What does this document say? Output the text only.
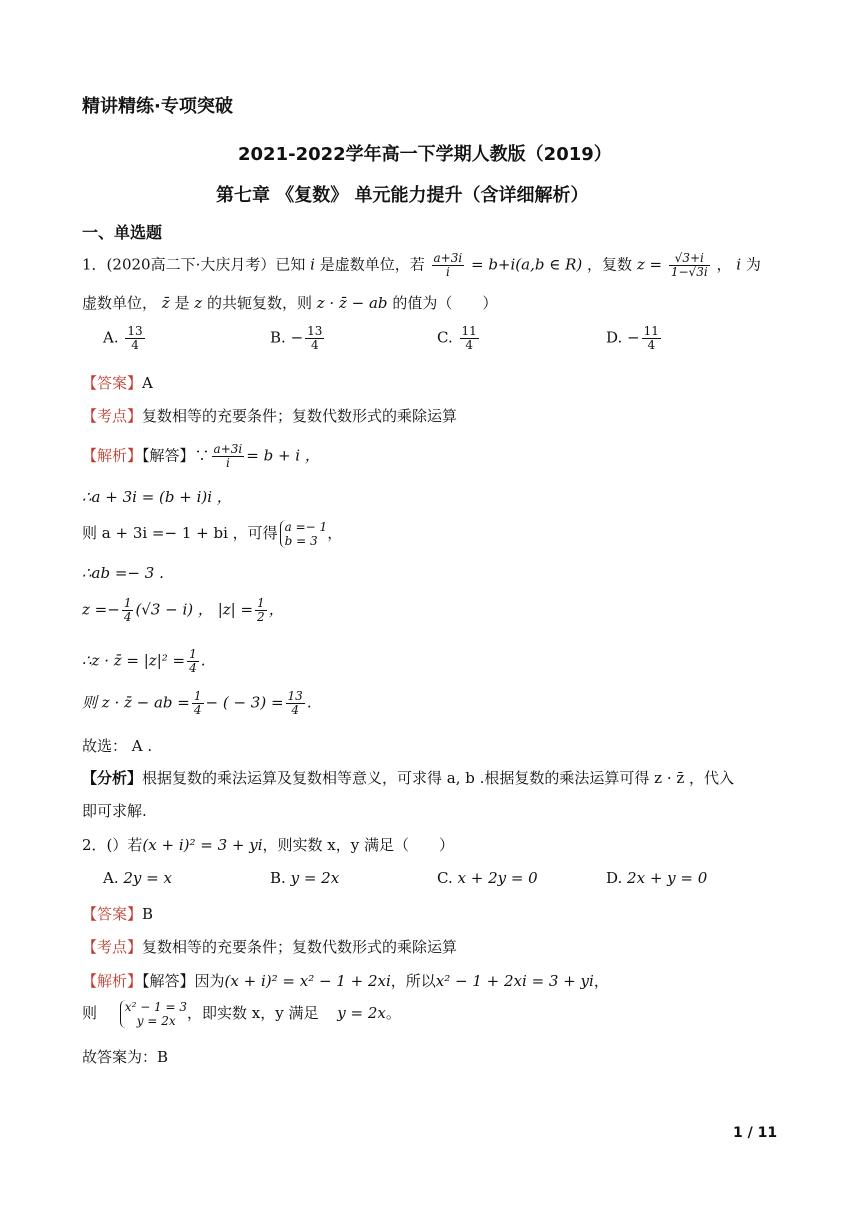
精讲精练·专项突破
2021-2022学年高一下学期人教版（2019）
第七章 《复数》 单元能力提升（含详细解析）
一、单选题
1．(2020高二下·大庆月考）已知 i 是虚数单位，若 $\frac{a+3i}{i} = b+i(a,b$ ∈ R) ，复数 $z = \frac{√3+i}{1-√3i}$ ， i 为
虚数单位， z̄ 是 z 的共轭复数，则 z · z̄ − ab 的值为（　　）
A. $\frac{13}{4}$	B. − $\frac{13}{4}$	C. $\frac{11}{4}$	D. − $\frac{11}{4}$
【答案】A
【考点】复数相等的充要条件；复数代数形式的乘除运算
【解析】【解答】∵ $\frac{a+3i}{i} = b + i$ ，
∴a + 3i = (b + i)i ，
则 a + 3i =− 1 + bi ，可得 a =− 1
b = 3 ，
∴ab =− 3 .
$z =- \frac{1}{4} (√3 - i)$ ， $|z| = \frac{1}{2}$ ，
∴z · z̄ = $|z|^2 = \frac{1}{4}$ .
则 z · z̄ − ab = $\frac{1}{4}$ − ( − $3) = \frac{13}{4}$ .
故选： A .
【分析】根据复数的乘法运算及复数相等意义，可求得 a, b .根据复数的乘法运算可得 z · z̄ ，代入
即可求解.
2．(）若(x + i)² = 3 + yi，则实数 x，y 满足（　　）
A. 2y = x	B. y = 2x	C. x + 2y = 0	D. 2x + y = 0
【答案】B
【考点】复数相等的充要条件；复数代数形式的乘除运算
【解析】【解答】因为(x + i)² = x² − 1 + 2xi，所以x² − 1 + 2xi = 3 + yi，
则 x² − 1 = 3
y = 2x ，即实数 x，y 满足 y = 2x。
故答案为：B
1 / 11
